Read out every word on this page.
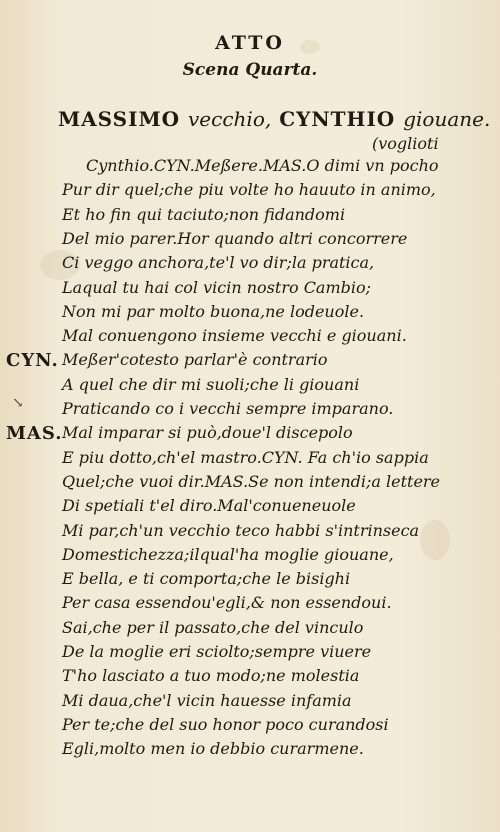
ATTO
Scena Quarta.
MASSIMO vecchio, CYNTHIO giouane.
(voglioti
↘
Cynthio.CYN.Meßere.MAS.O dimi vn pocho
Pur dir quel;che piu volte ho hauuto in animo,
Et ho fin qui taciuto;non fidandomi
Del mio parer.Hor quando altri concorrere
Ci veggo anchora,te'l vo dir;la pratica,
Laqual tu hai col vicin nostro Cambio;
Non mi par molto buona,ne lodeuole.
Mal conuengono insieme vecchi e giouani.
CYN. Meßer'cotesto parlar'è contrario
A quel che dir mi suoli;che li giouani
Praticando co i vecchi sempre imparano.
MAS. Mal imparar si può,doue'l discepolo
E piu dotto,ch'el mastro.CYN. Fa ch'io sappia
Quel;che vuoi dir.MAS.Se non intendi;a lettere
Di spetiali t'el diro.Mal'conueneuole
Mi par,ch'un vecchio teco habbi s'intrinseca
Domestichezza;ilqual'ha moglie giouane,
E bella, e ti comporta;che le bisighi
Per casa essendou'egli,& non essendoui.
Sai,che per il passato,che del vinculo
De la moglie eri sciolto;sempre viuere
T'ho lasciato a tuo modo;ne molestia
Mi daua,che'l vicin hauesse infamia
Per te;che del suo honor poco curandosi
Egli,molto men io debbio curarmene.
